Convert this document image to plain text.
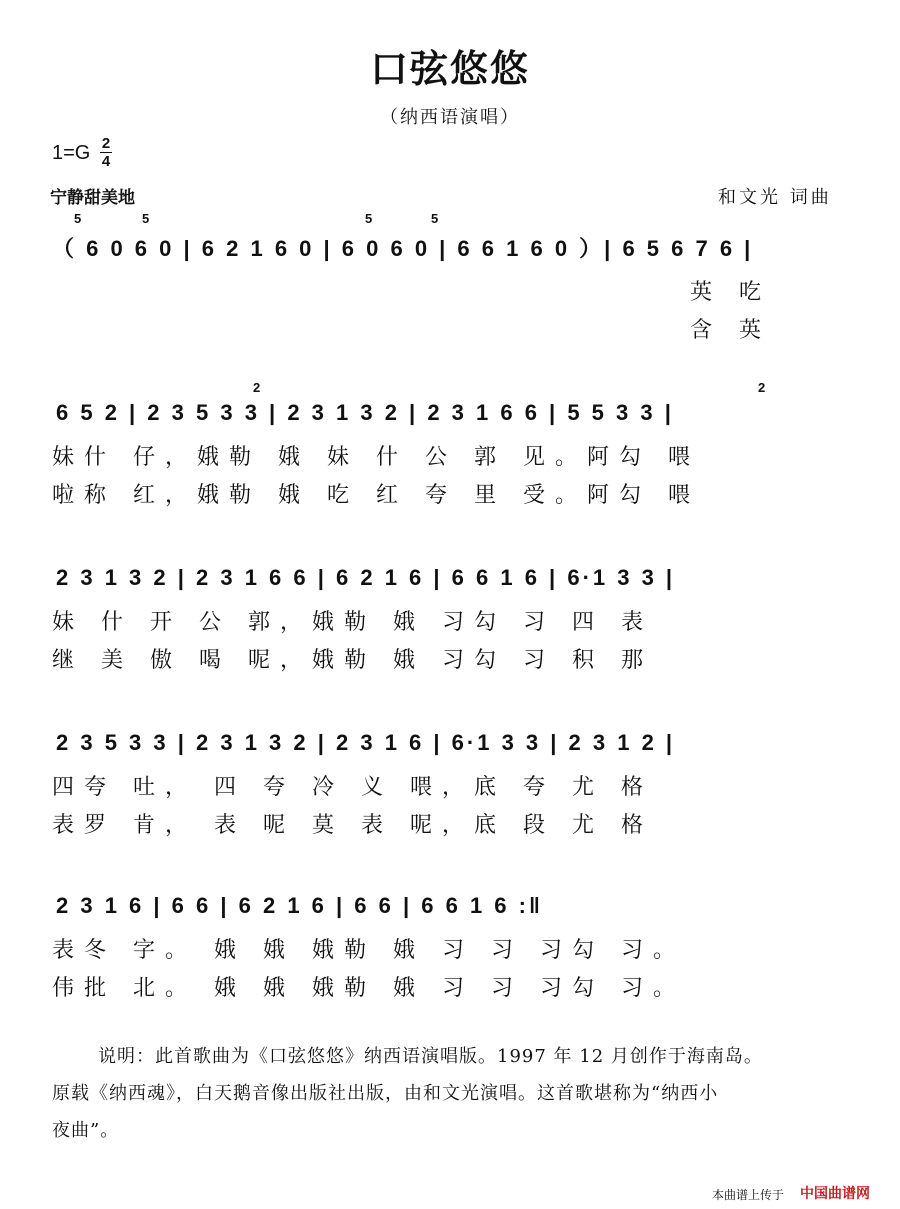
口弦悠悠
（纳西语演唱）
1=G 2
4
宁静甜美地	和文光 词曲
5	5	5	5
2	2
（ 6 0 6 0 | 6 2 1 6 0 | 6 0 6 0 | 6 6 1 6 0 ）| 6 5 6 7 6 |
英 吃
含 英
6 5 2 | 2 3 5 3 3 | 2 3 1 3 2 | 2 3 1 6 6 | 5 5 3 3 |
妹什 仔，娥勒 娥 妹 什 公 郭 见。阿勾 喂
啦称 红，娥勒 娥 吃 红 夸 里 受。阿勾 喂
2 3 1 3 2 | 2 3 1 6 6 | 6 2 1 6 | 6 6 1 6 | 6·1 3 3 |
妹 什 开 公 郭，娥勒 娥 习勾 习 四 表
继 美 傲 喝 呢，娥勒 娥 习勾 习 积 那
2 3 5 3 3 | 2 3 1 3 2 | 2 3 1 6 | 6·1 3 3 | 2 3 1 2 |
四夸 吐， 四 夸 冷 义 喂，底 夸 尤 格
表罗 肯， 表 呢 莫 表 呢，底 段 尤 格
2 3 1 6 | 6 6 | 6 2 1 6 | 6 6 | 6 6 1 6 :‖
表冬 字。 娥 娥 娥勒 娥 习 习 习勾 习。
伟批 北。 娥 娥 娥勒 娥 习 习 习勾 习。
说明：此首歌曲为《口弦悠悠》纳西语演唱版。1997 年 12 月创作于海南岛。
原载《纳西魂》，白天鹅音像出版社出版，由和文光演唱。这首歌堪称为“纳西小
夜曲”。
本曲谱上传于 中国曲谱网
